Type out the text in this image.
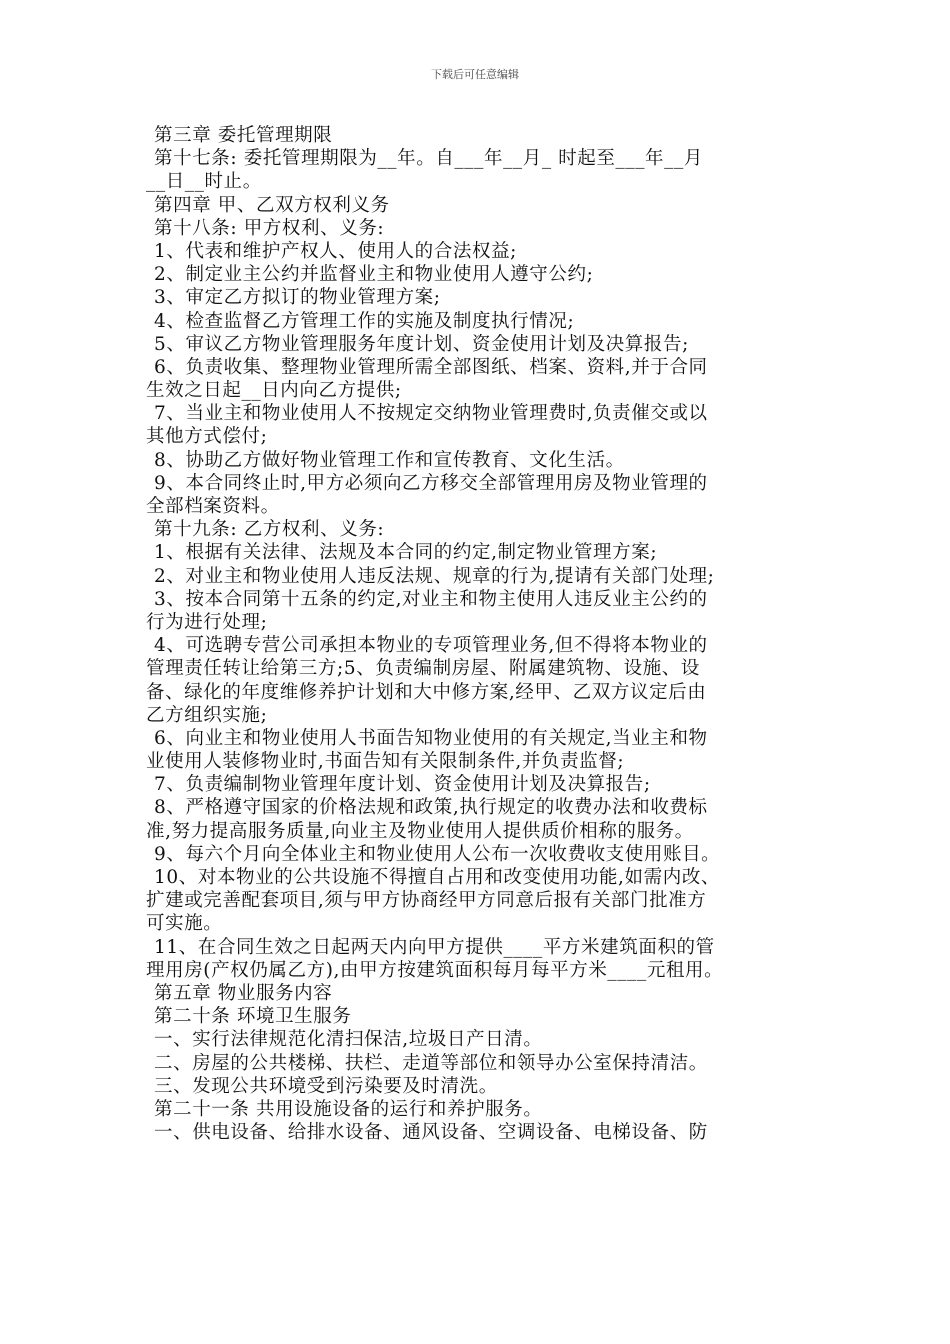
下载后可任意编辑
第三章 委托管理期限
第十七条: 委托管理期限为__年。自___年__月_ 时起至___年__月
__日__时止。
第四章 甲、乙双方权利义务
第十八条: 甲方权利、义务:
1、代表和维护产权人、使用人的合法权益;
2、制定业主公约并监督业主和物业使用人遵守公约;
3、审定乙方拟订的物业管理方案;
4、检查监督乙方管理工作的实施及制度执行情况;
5、审议乙方物业管理服务年度计划、资金使用计划及决算报告;
6、负责收集、整理物业管理所需全部图纸、档案、资料,并于合同
生效之日起__日内向乙方提供;
7、当业主和物业使用人不按规定交纳物业管理费时,负责催交或以
其他方式偿付;
8、协助乙方做好物业管理工作和宣传教育、文化生活。
9、本合同终止时,甲方必须向乙方移交全部管理用房及物业管理的
全部档案资料。
第十九条: 乙方权利、义务:
1、根据有关法律、法规及本合同的约定,制定物业管理方案;
2、对业主和物业使用人违反法规、规章的行为,提请有关部门处理;
3、按本合同第十五条的约定,对业主和物主使用人违反业主公约的
行为进行处理;
4、可选聘专营公司承担本物业的专项管理业务,但不得将本物业的
管理责任转让给第三方;5、负责编制房屋、附属建筑物、设施、设
备、绿化的年度维修养护计划和大中修方案,经甲、乙双方议定后由
乙方组织实施;
6、向业主和物业使用人书面告知物业使用的有关规定,当业主和物
业使用人装修物业时,书面告知有关限制条件,并负责监督;
7、负责编制物业管理年度计划、资金使用计划及决算报告;
8、严格遵守国家的价格法规和政策,执行规定的收费办法和收费标
准,努力提高服务质量,向业主及物业使用人提供质价相称的服务。
9、每六个月向全体业主和物业使用人公布一次收费收支使用账目。
10、对本物业的公共设施不得擅自占用和改变使用功能,如需内改、
扩建或完善配套项目,须与甲方协商经甲方同意后报有关部门批准方
可实施。
11、在合同生效之日起两天内向甲方提供____平方米建筑面积的管
理用房(产权仍属乙方),由甲方按建筑面积每月每平方米____元租用。
第五章 物业服务内容
第二十条 环境卫生服务
一、实行法律规范化清扫保洁,垃圾日产日清。
二、房屋的公共楼梯、扶栏、走道等部位和领导办公室保持清洁。
三、发现公共环境受到污染要及时清洗。
第二十一条 共用设施设备的运行和养护服务。
一、供电设备、给排水设备、通风设备、空调设备、电梯设备、防
